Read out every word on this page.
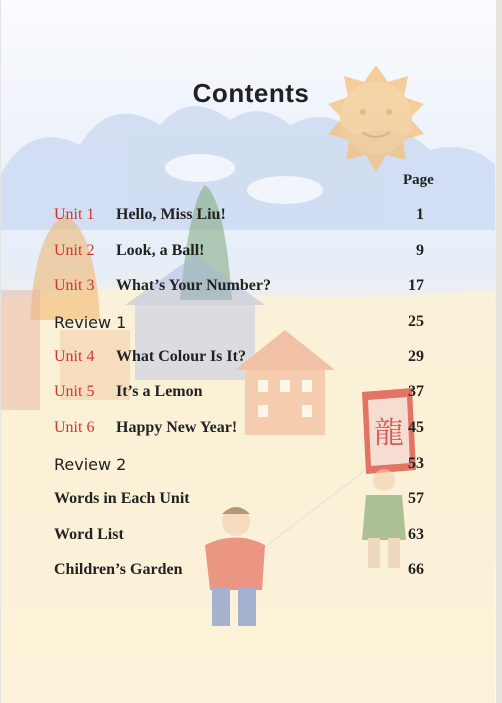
龍
Contents
Page
Unit 1 Hello, Miss Liu!	1
Unit 2 Look, a Ball!	9
Unit 3 What’s Your Number?	17
Review 1	25
Unit 4 What Colour Is It?	29
Unit 5 It’s a Lemon	37
Unit 6 Happy New Year!	45
Review 2	53
Words in Each Unit	57
Word List	63
Children’s Garden	66
